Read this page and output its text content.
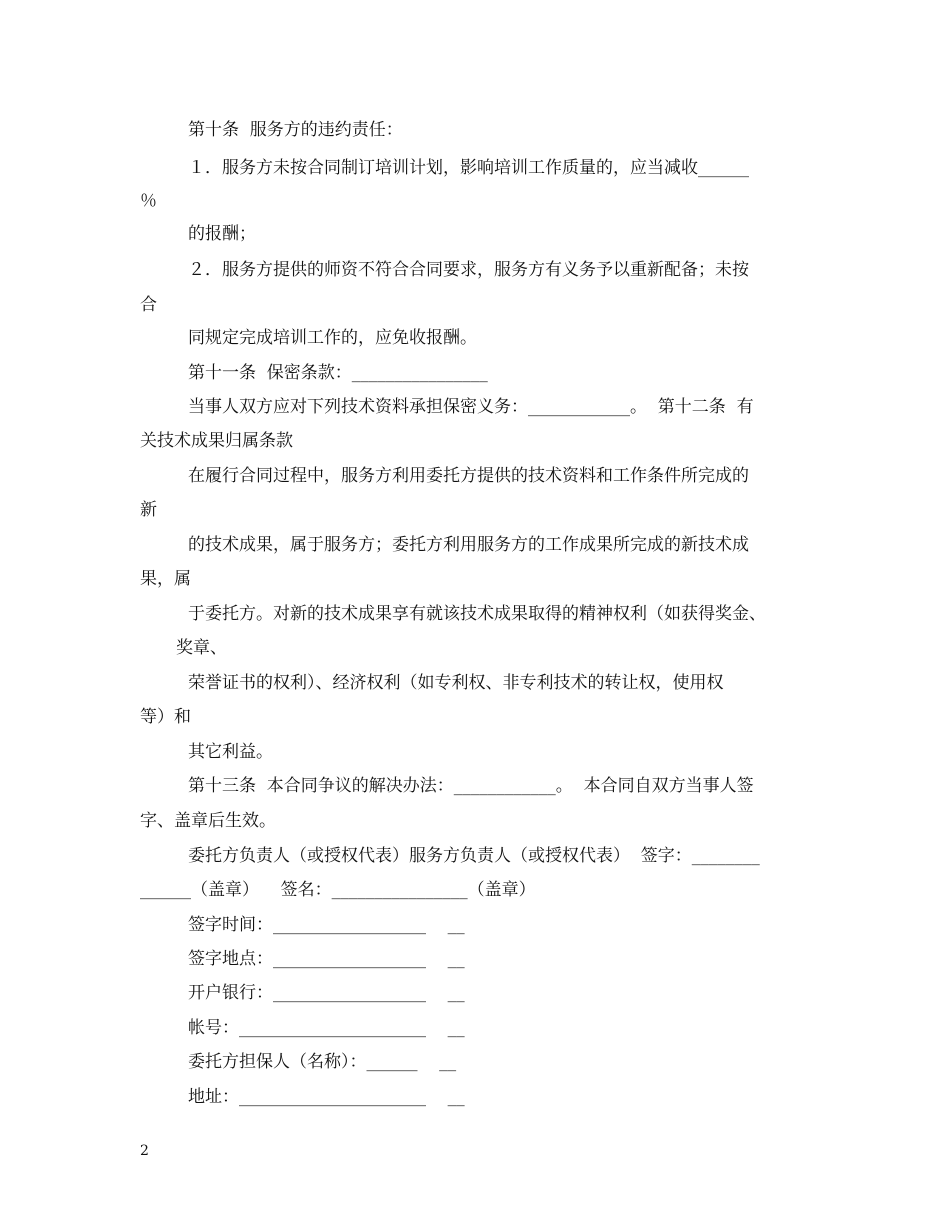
第十条  服务方的违约责任：
１．服务方未按合同制订培训计划，影响培训工作质量的，应当减收______
％
的报酬；
２．服务方提供的师资不符合合同要求，服务方有义务予以重新配备；未按
合
同规定完成培训工作的，应免收报酬。
第十一条  保密条款：________________
当事人双方应对下列技术资料承担保密义务：____________。  第十二条  有
关技术成果归属条款
在履行合同过程中，服务方利用委托方提供的技术资料和工作条件所完成的
新
的技术成果，属于服务方；委托方利用服务方的工作成果所完成的新技术成
果，属
于委托方。对新的技术成果享有就该技术成果取得的精神权利（如获得奖金、
奖章、
荣誉证书的权利）、经济权利（如专利权、非专利技术的转让权，使用权
等）和
其它利益。
第十三条  本合同争议的解决办法：____________。  本合同自双方当事人签
字、盖章后生效。
委托方负责人（或授权代表）服务方负责人（或授权代表）  签字：________
______（盖章）    签名：________________（盖章）
签字时间：__________________    __
签字地点：__________________    __
开户银行：__________________    __
帐号：______________________    __
委托方担保人（名称）：______    __
地址：______________________    __
2
